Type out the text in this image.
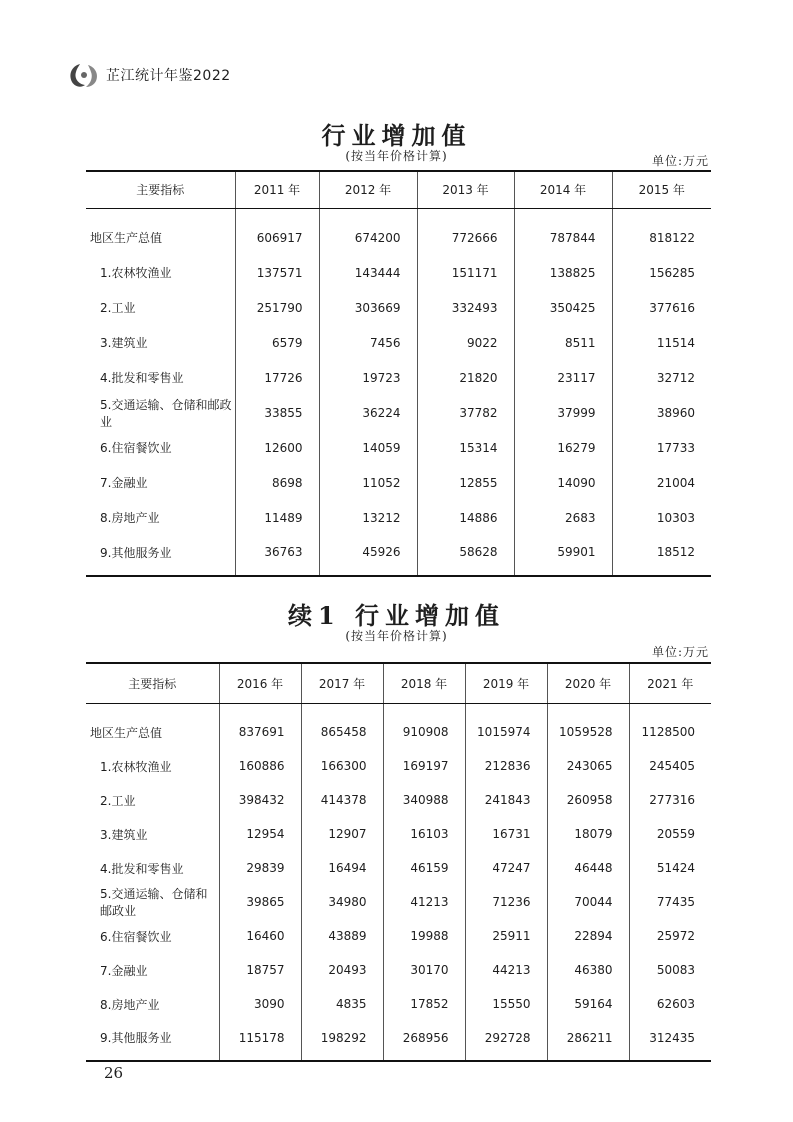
芷江统计年鉴2022
行业增加值
(按当年价格计算)	单位:万元
主要指标	2011 年	2012 年	2013 年	2014 年	2015 年
地区生产总值	606917	674200	772666	787844	818122
1.农林牧渔业	137571	143444	151171	138825	156285
2.工业	251790	303669	332493	350425	377616
3.建筑业	6579	7456	9022	8511	11514
4.批发和零售业	17726	19723	21820	23117	32712
5.交通运输、仓储和邮政业	33855	36224	37782	37999	38960
6.住宿餐饮业	12600	14059	15314	16279	17733
7.金融业	8698	11052	12855	14090	21004
8.房地产业	11489	13212	14886	2683	10303
9.其他服务业	36763	45926	58628	59901	18512
续1 行业增加值
(按当年价格计算)
单位:万元
主要指标	2016 年	2017 年	2018 年	2019 年	2020 年	2021 年
地区生产总值	837691	865458	910908	1015974	1059528	1128500
1.农林牧渔业	160886	166300	169197	212836	243065	245405
2.工业	398432	414378	340988	241843	260958	277316
3.建筑业	12954	12907	16103	16731	18079	20559
4.批发和零售业	29839	16494	46159	47247	46448	51424
5.交通运输、仓储和邮政业	39865	34980	41213	71236	70044	77435
6.住宿餐饮业	16460	43889	19988	25911	22894	25972
7.金融业	18757	20493	30170	44213	46380	50083
8.房地产业	3090	4835	17852	15550	59164	62603
9.其他服务业	115178	198292	268956	292728	286211	312435
26
